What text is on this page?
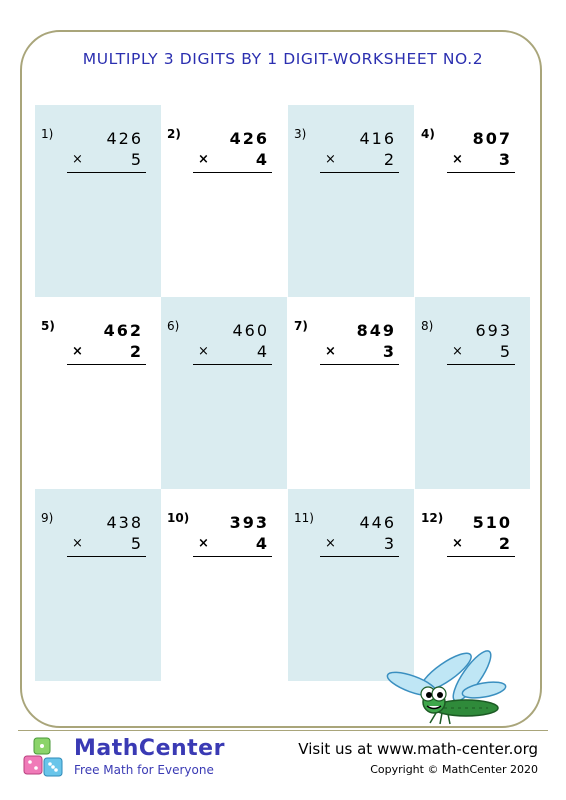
MULTIPLY 3 DIGITS BY 1 DIGIT-WORKSHEET NO.2
1)	426
×	5
2)	426
×	4
3)	416
×	2
4) 807
× 3
5)	462
×	2
6)	460
×	4
7)	849
×	3
8)	693
× 5
9)	438
×	5
10)	393
×	4
11)	446
×	3
12) 510
× 2
MathCenter
Free Math for Everyone
Visit us at www.math-center.org
Copyright © MathCenter 2020
